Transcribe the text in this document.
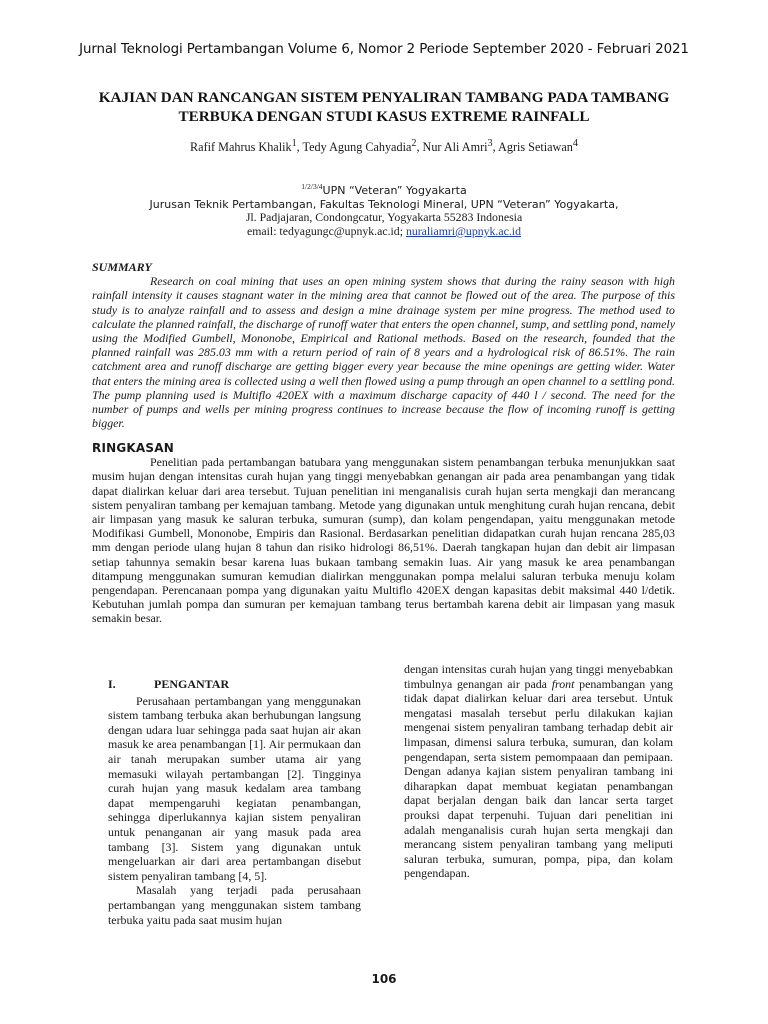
Jurnal Teknologi Pertambangan Volume 6, Nomor 2 Periode September 2020 - Februari 2021
KAJIAN DAN RANCANGAN SISTEM PENYALIRAN TAMBANG PADA TAMBANG TERBUKA DENGAN STUDI KASUS EXTREME RAINFALL
Rafif Mahrus Khalik$^1$, Tedy Agung Cahyadia$^2$, Nur Ali Amri$^3$, Agris Setiawan$^4$
$^{1/2/3/4}$UPN “Veteran” Yogyakarta
Jurusan Teknik Pertambangan, Fakultas Teknologi Mineral, UPN “Veteran” Yogyakarta,
Jl. Padjajaran, Condongcatur, Yogyakarta 55283 Indonesia
email: tedyagungc@upnyk.ac.id; nuraliamri@upnyk.ac.id
SUMMARY

Research on coal mining that uses an open mining system shows that during the rainy season with high rainfall intensity it causes stagnant water in the mining area that cannot be flowed out of the area. The purpose of this study is to analyze rainfall and to assess and design a mine drainage system per mine progress. The method used to calculate the planned rainfall, the discharge of runoff water that enters the open channel, sump, and settling pond, namely using the Modified Gumbell, Mononobe, Empirical and Rational methods. Based on the research, founded that the planned rainfall was 285.03 mm with a return period of rain of 8 years and a hydrological risk of 86.51%. The rain catchment area and runoff discharge are getting bigger every year because the mine openings are getting wider. Water that enters the mining area is collected using a well then flowed using a pump through an open channel to a settling pond. The pump planning used is Multiflo 420EX with a maximum discharge capacity of 440 l / second. The need for the number of pumps and wells per mining progress continues to increase because the flow of incoming runoff is getting bigger.

RINGKASAN

Penelitian pada pertambangan batubara yang menggunakan sistem penambangan terbuka menunjukkan saat musim hujan dengan intensitas curah hujan yang tinggi menyebabkan genangan air pada area penambangan yang tidak dapat dialirkan keluar dari area tersebut. Tujuan penelitian ini menganalisis curah hujan serta mengkaji dan merancang sistem penyaliran tambang per kemajuan tambang. Metode yang digunakan untuk menghitung curah hujan rencana, debit air limpasan yang masuk ke saluran terbuka, sumuran (sump), dan kolam pengendapan, yaitu menggunakan metode Modifikasi Gumbell, Mononobe, Empiris dan Rasional. Berdasarkan penelitian didapatkan curah hujan rencana 285,03 mm dengan periode ulang hujan 8 tahun dan risiko hidrologi 86,51%. Daerah tangkapan hujan dan debit air limpasan setiap tahunnya semakin besar karena luas bukaan tambang semakin luas. Air yang masuk ke area penambangan ditampung menggunakan sumuran kemudian dialirkan menggunakan pompa melalui saluran terbuka menuju kolam pengendapan. Perencanaan pompa yang digunakan yaitu Multiflo 420EX dengan kapasitas debit maksimal 440 l/detik. Kebutuhan jumlah pompa dan sumuran per kemajuan tambang terus bertambah karena debit air limpasan yang masuk semakin besar.

I.	PENGANTAR

Perusahaan pertambangan yang menggunakan sistem tambang terbuka akan berhubungan langsung dengan udara luar sehingga pada saat hujan air akan masuk ke area penambangan [1]. Air permukaan dan air tanah merupakan sumber utama air yang memasuki wilayah pertambangan [2]. Tingginya curah hujan yang masuk kedalam area tambang dapat mempengaruhi kegiatan penambangan, sehingga diperlukannya kajian sistem penyaliran untuk penanganan air yang masuk pada area tambang [3]. Sistem yang digunakan untuk mengeluarkan air dari area pertambangan disebut sistem penyaliran tambang [4, 5].

Masalah yang terjadi pada perusahaan pertambangan yang menggunakan sistem tambang terbuka yaitu pada saat musim hujan

dengan intensitas curah hujan yang tinggi menyebabkan timbulnya genangan air pada front penambangan yang tidak dapat dialirkan keluar dari area tersebut. Untuk mengatasi masalah tersebut perlu dilakukan kajian mengenai sistem penyaliran tambang terhadap debit air limpasan, dimensi salura terbuka, sumuran, dan kolam pengendapan, serta sistem pemompaaan dan pemipaan. Dengan adanya kajian sistem penyaliran tambang ini diharapkan dapat membuat kegiatan penambangan dapat berjalan dengan baik dan lancar serta target prouksi dapat terpenuhi. Tujuan dari penelitian ini adalah menganalisis curah hujan serta mengkaji dan merancang sistem penyaliran tambang yang meliputi saluran terbuka, sumuran, pompa, pipa, dan kolam pengendapan.

106
